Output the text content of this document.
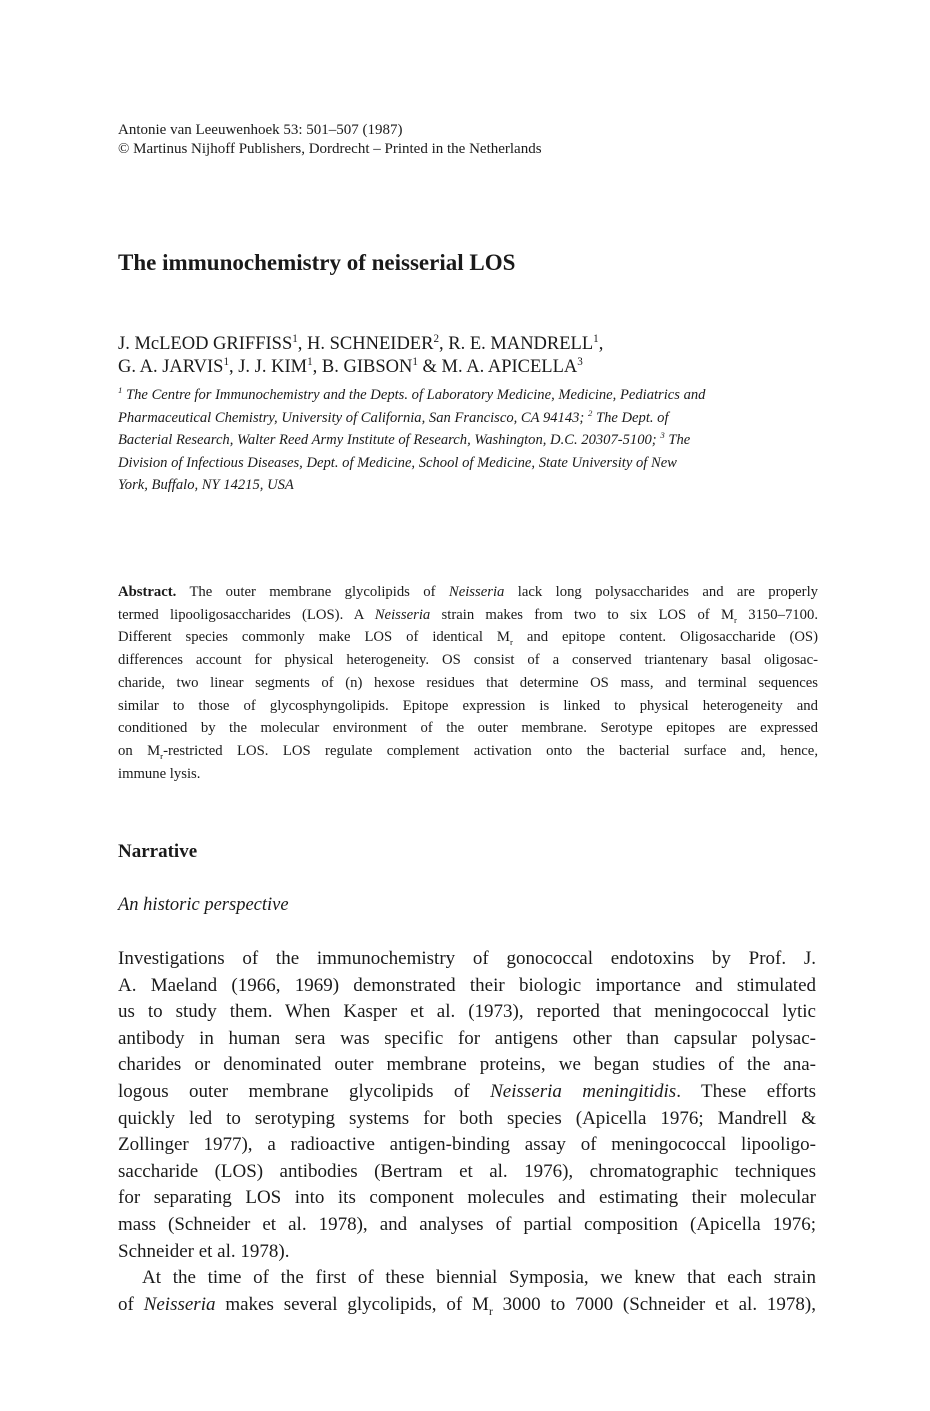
Antonie van Leeuwenhoek 53: 501–507 (1987)
© Martinus Nijhoff Publishers, Dordrecht – Printed in the Netherlands
The immunochemistry of neisserial LOS
J. McLEOD GRIFFISS$^1$, H. SCHNEIDER$^2$, R. E. MANDRELL$^1$,
G. A. JARVIS$^1$, J. J. KIM$^1$, B. GIBSON$^1$ & M. A. APICELLA$^3$
$^1$ The Centre for Immunochemistry and the Depts. of Laboratory Medicine, Medicine, Pediatrics and
Pharmaceutical Chemistry, University of California, San Francisco, CA 94143; $^2$ The Dept. of
Bacterial Research, Walter Reed Army Institute of Research, Washington, D.C. 20307-5100; $^3$ The
Division of Infectious Diseases, Dept. of Medicine, School of Medicine, State University of New
York, Buffalo, NY 14215, USA
Abstract. The outer membrane glycolipids of Neisseria lack long polysaccharides and are properly
termed lipooligosaccharides (LOS). A Neisseria strain makes from two to six LOS of $M_r$ 3150–7100.
Different species commonly make LOS of identical $M_r$ and epitope content. Oligosaccharide (OS)
differences account for physical heterogeneity. OS consist of a conserved triantenary basal oligosac-
charide, two linear segments of (n) hexose residues that determine OS mass, and terminal sequences
similar to those of glycosphyngolipids. Epitope expression is linked to physical heterogeneity and
conditioned by the molecular environment of the outer membrane. Serotype epitopes are expressed
on $M_r$-restricted LOS. LOS regulate complement activation onto the bacterial surface and, hence,
immune lysis.
Narrative
An historic perspective
Investigations of the immunochemistry of gonococcal endotoxins by Prof. J.
A. Maeland (1966, 1969) demonstrated their biologic importance and stimulated
us to study them. When Kasper et al. (1973), reported that meningococcal lytic
antibody in human sera was specific for antigens other than capsular polysac-
charides or denominated outer membrane proteins, we began studies of the ana-
logous outer membrane glycolipids of Neisseria meningitidis. These efforts
quickly led to serotyping systems for both species (Apicella 1976; Mandrell &
Zollinger 1977), a radioactive antigen-binding assay of meningococcal lipooligo-
saccharide (LOS) antibodies (Bertram et al. 1976), chromatographic techniques
for separating LOS into its component molecules and estimating their molecular
mass (Schneider et al. 1978), and analyses of partial composition (Apicella 1976;
Schneider et al. 1978).
At the time of the first of these biennial Symposia, we knew that each strain
of Neisseria makes several glycolipids, of $M_r$ 3000 to 7000 (Schneider et al. 1978),
